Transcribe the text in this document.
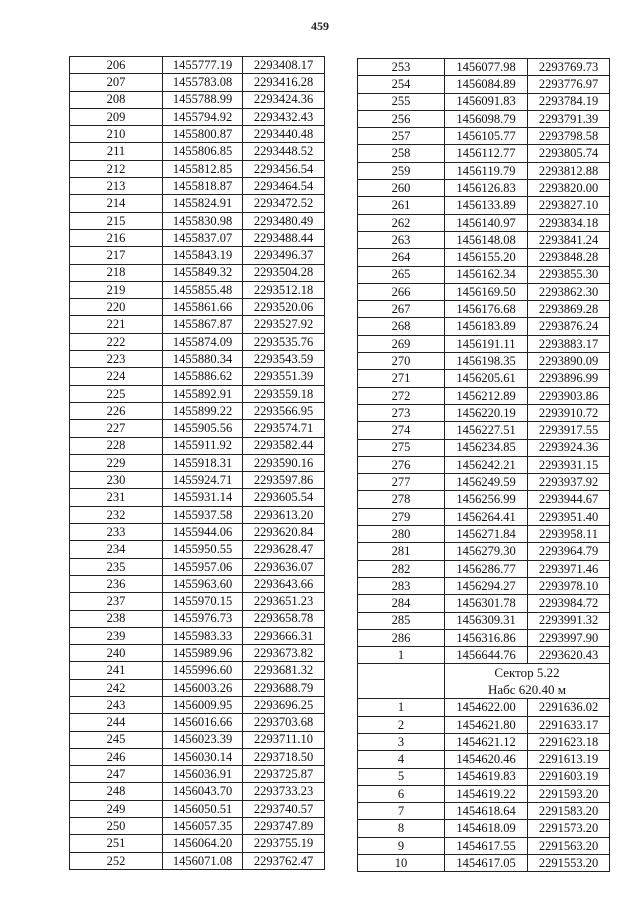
459
206	1455777.19	2293408.17
207	1455783.08	2293416.28
208	1455788.99	2293424.36
209	1455794.92	2293432.43
210	1455800.87	2293440.48
211	1455806.85	2293448.52
212	1455812.85	2293456.54
213	1455818.87	2293464.54
214	1455824.91	2293472.52
215	1455830.98	2293480.49
216	1455837.07	2293488.44
217	1455843.19	2293496.37
218	1455849.32	2293504.28
219	1455855.48	2293512.18
220	1455861.66	2293520.06
221	1455867.87	2293527.92
222	1455874.09	2293535.76
223	1455880.34	2293543.59
224	1455886.62	2293551.39
225	1455892.91	2293559.18
226	1455899.22	2293566.95
227	1455905.56	2293574.71
228	1455911.92	2293582.44
229	1455918.31	2293590.16
230	1455924.71	2293597.86
231	1455931.14	2293605.54
232	1455937.58	2293613.20
233	1455944.06	2293620.84
234	1455950.55	2293628.47
235	1455957.06	2293636.07
236	1455963.60	2293643.66
237	1455970.15	2293651.23
238	1455976.73	2293658.78
239	1455983.33	2293666.31
240	1455989.96	2293673.82
241	1455996.60	2293681.32
242	1456003.26	2293688.79
243	1456009.95	2293696.25
244	1456016.66	2293703.68
245	1456023.39	2293711.10
246	1456030.14	2293718.50
247	1456036.91	2293725.87
248	1456043.70	2293733.23
249	1456050.51	2293740.57
250	1456057.35	2293747.89
251	1456064.20	2293755.19
252	1456071.08	2293762.47
253	1456077.98	2293769.73
254	1456084.89	2293776.97
255	1456091.83	2293784.19
256	1456098.79	2293791.39
257	1456105.77	2293798.58
258	1456112.77	2293805.74
259	1456119.79	2293812.88
260	1456126.83	2293820.00
261	1456133.89	2293827.10
262	1456140.97	2293834.18
263	1456148.08	2293841.24
264	1456155.20	2293848.28
265	1456162.34	2293855.30
266	1456169.50	2293862.30
267	1456176.68	2293869.28
268	1456183.89	2293876.24
269	1456191.11	2293883.17
270	1456198.35	2293890.09
271	1456205.61	2293896.99
272	1456212.89	2293903.86
273	1456220.19	2293910.72
274	1456227.51	2293917.55
275	1456234.85	2293924.36
276	1456242.21	2293931.15
277	1456249.59	2293937.92
278	1456256.99	2293944.67
279	1456264.41	2293951.40
280	1456271.84	2293958.11
281	1456279.30	2293964.79
282	1456286.77	2293971.46
283	1456294.27	2293978.10
284	1456301.78	2293984.72
285	1456309.31	2293991.32
286	1456316.86	2293997.90
1	1456644.76	2293620.43

	Сектор 5.22
Набс 620.40 м	

1	1454622.00	2291636.02
2	1454621.80	2291633.17
3	1454621.12	2291623.18
4	1454620.46	2291613.19
5	1454619.83	2291603.19
6	1454619.22	2291593.20
7	1454618.64	2291583.20
8	1454618.09	2291573.20
9	1454617.55	2291563.20
10	1454617.05	2291553.20
